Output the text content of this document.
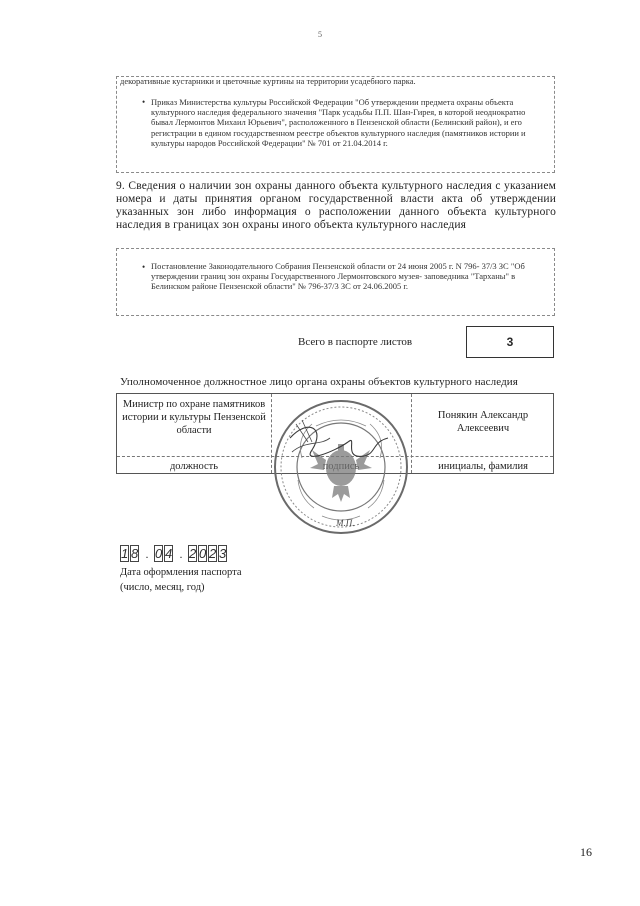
5
декоративные кустарники и цветочные куртины на территории усадебного парка.
• Приказ Министерства культуры Российской Федерации "Об утверждении предмета охраны объекта культурного наследия федерального значения "Парк усадьбы П.П. Шан-Гирея, в которой неоднократно бывал Лермонтов Михаил Юрьевич", расположенного в Пензенской области (Белинский район), и его регистрации в едином государственном реестре объектов культурного наследия (памятников истории и культуры народов Российской Федерации" № 701 от 21.04.2014 г.
9. Сведения о наличии зон охраны данного объекта культурного наследия с указанием номера и даты принятия органом государственной власти акта об утверждении указанных зон либо информация о расположении данного объекта культурного наследия в границах зон охраны иного объекта культурного наследия
• Постановление Законодательного Собрания Пензенской области от 24 июня 2005 г. N 796- 37/3 ЗС "Об утверждении границ зон охраны Государственного Лермонтовского музея- заповедника "Тарханы" в Белинском районе Пензенской области" № 796-37/3 ЗС от 24.06.2005 г.
Всего в паспорте листов	3
Уполномоченное должностное лицо органа охраны объектов культурного наследия
Министр по охране памятников истории и культуры Пензенской области
Понякин Александр Алексеевич
должность	инициалы, фамилия
М.П.
1 8 . 0 4 . 2 0 2 3
Дата оформления паспорта
(число, месяц, год)
16
